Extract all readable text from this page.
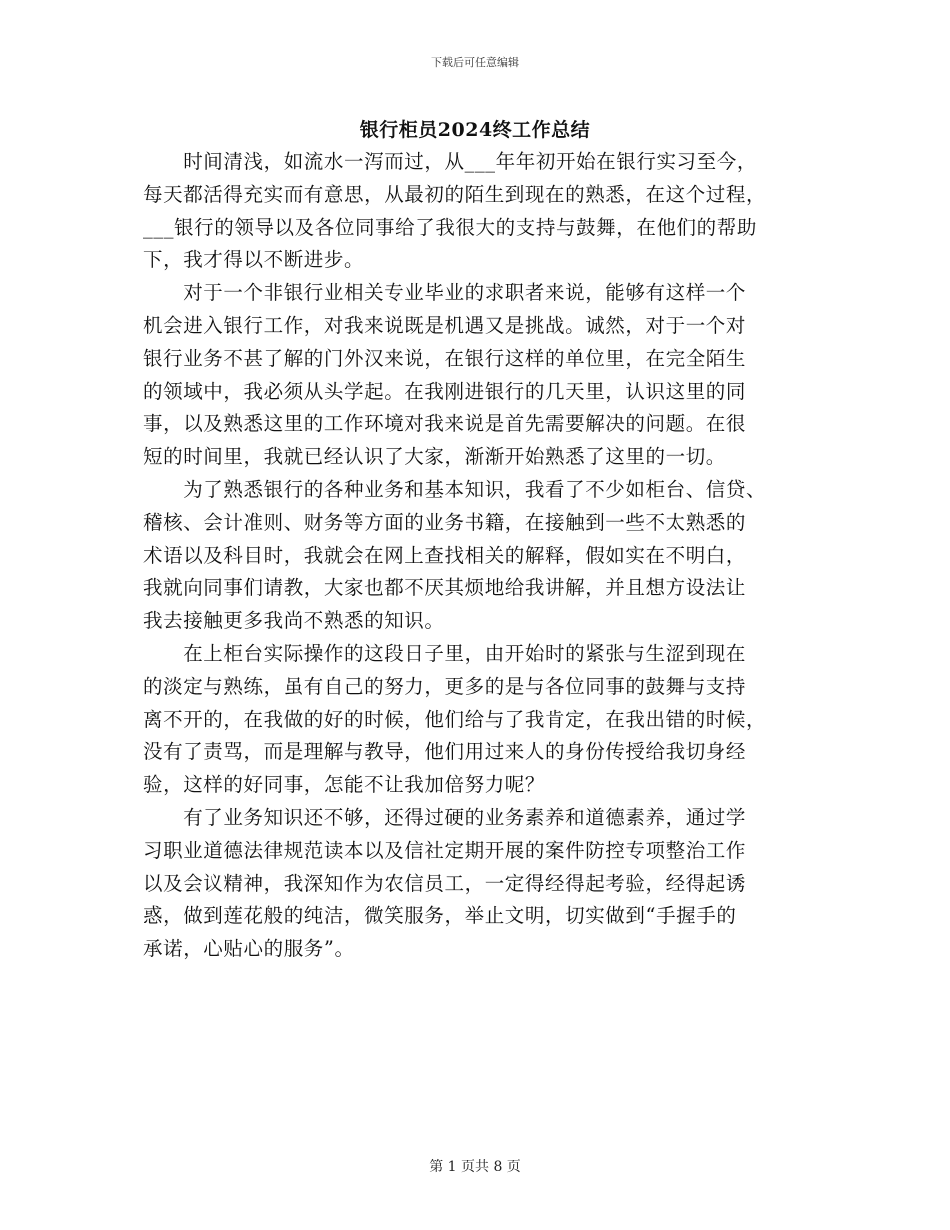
下载后可任意编辑
银行柜员2024终工作总结
　　时间清浅，如流水一泻而过，从___年年初开始在银行实习至今，
每天都活得充实而有意思，从最初的陌生到现在的熟悉，在这个过程，
___银行的领导以及各位同事给了我很大的支持与鼓舞，在他们的帮助
下，我才得以不断进步。
　　对于一个非银行业相关专业毕业的求职者来说，能够有这样一个
机会进入银行工作，对我来说既是机遇又是挑战。诚然，对于一个对
银行业务不甚了解的门外汉来说，在银行这样的单位里，在完全陌生
的领域中，我必须从头学起。在我刚进银行的几天里，认识这里的同
事，以及熟悉这里的工作环境对我来说是首先需要解决的问题。在很
短的时间里，我就已经认识了大家，渐渐开始熟悉了这里的一切。
　　为了熟悉银行的各种业务和基本知识，我看了不少如柜台、信贷、
稽核、会计准则、财务等方面的业务书籍，在接触到一些不太熟悉的
术语以及科目时，我就会在网上查找相关的解释，假如实在不明白，
我就向同事们请教，大家也都不厌其烦地给我讲解，并且想方设法让
我去接触更多我尚不熟悉的知识。
　　在上柜台实际操作的这段日子里，由开始时的紧张与生涩到现在
的淡定与熟练，虽有自己的努力，更多的是与各位同事的鼓舞与支持
离不开的，在我做的好的时候，他们给与了我肯定，在我出错的时候，
没有了责骂，而是理解与教导，他们用过来人的身份传授给我切身经
验，这样的好同事，怎能不让我加倍努力呢？
　　有了业务知识还不够，还得过硬的业务素养和道德素养，通过学
习职业道德法律规范读本以及信社定期开展的案件防控专项整治工作
以及会议精神，我深知作为农信员工，一定得经得起考验，经得起诱
惑，做到莲花般的纯洁，微笑服务，举止文明，切实做到“手握手的
承诺，心贴心的服务”。
第 1 页共 8 页
